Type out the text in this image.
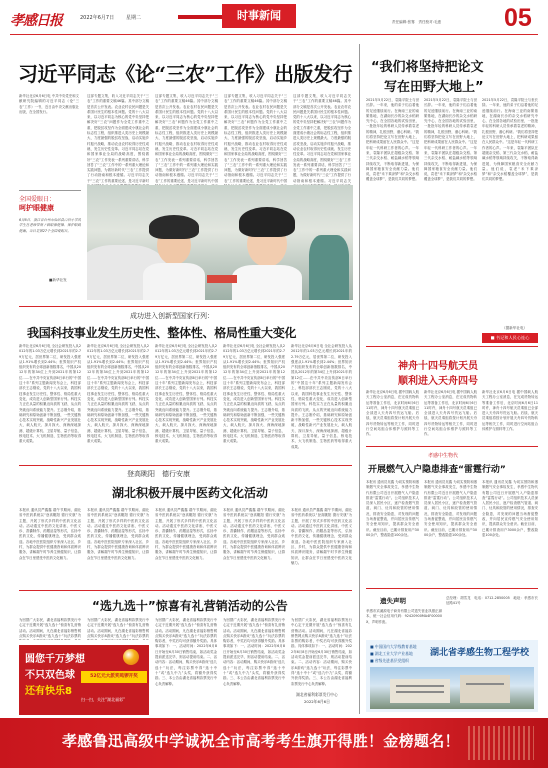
孝感日报	2022年6月7日 星期二	时事新闻	责任编辑:张骞　责任校对:毛惠	05
习近平同志《论“三农”工作》出版发行
新华社北京6月6日电 中共中央党史和文献研究院编辑的习近平同志《论“三农”工作》一书，近日由中央文献出版社出版，在全国发行。
这部专题文集，收入习近平同志关于“三农”工作的重要文稿46篇。其中部分文稿是首次公开发表。农业农村农民问题是关系国计民生的根本性问题。党的十八大以来，以习近平同志为核心的党中央坚持把解决好“三农”问题作为全党工作重中之重，把脱贫攻坚作为全面建成小康社会的标志性工程，组织推进人类历史上规模最大、力度最强的脱贫攻坚战，启动实施乡村振兴战略，推动农业农村取得历史性成就、发生历史性变革。习近平同志站在党和国家事业全局的战略高度，围绕做好“三农”工作发表一系列重要讲话，科学回答了“三农”工作中的一系列重大理论和实践问题，为做好新时代“三农”工作提供了行动指南和根本遵循。习近平同志关于“三农”工作的重要论述，是习近平新时
这部专题文集，收入习近平同志关于“三农”工作的重要文稿46篇。其中部分文稿是首次公开发表。农业农村农民问题是关系国计民生的根本性问题。党的十八大以来，以习近平同志为核心的党中央坚持把解决好“三农”问题作为全党工作重中之重，把脱贫攻坚作为全面建成小康社会的标志性工程，组织推进人类历史上规模最大、力度最强的脱贫攻坚战，启动实施乡村振兴战略，推动农业农村取得历史性成就、发生历史性变革。习近平同志站在党和国家事业全局的战略高度，围绕做好“三农”工作发表一系列重要讲话，科学回答了“三农”工作中的一系列重大理论和实践问题，为做好新时代“三农”工作提供了行动指南和根本遵循。习近平同志关于“三农”工作的重要论述，是习近平新时代中国
这部专题文集，收入习近平同志关于“三农”工作的重要文稿46篇。其中部分文稿是首次公开发表。农业农村农民问题是关系国计民生的根本性问题。党的十八大以来，以习近平同志为核心的党中央坚持把解决好“三农”问题作为全党工作重中之重，把脱贫攻坚作为全面建成小康社会的标志性工程，组织推进人类历史上规模最大、力度最强的脱贫攻坚战，启动实施乡村振兴战略，推动农业农村取得历史性成就、发生历史性变革。习近平同志站在党和国家事业全局的战略高度，围绕做好“三农”工作发表一系列重要讲话，科学回答了“三农”工作中的一系列重大理论和实践问题，为做好新时代“三农”工作提供了行动指南和根本遵循。习近平同志关于“三农”工作的重要论述，是习近平新时代中国
这部专题文集，收入习近平同志关于“三农”工作的重要文稿46篇。其中部分文稿是首次公开发表。农业农村农民问题是关系国计民生的根本性问题。党的十八大以来，以习近平同志为核心的党中央坚持把解决好“三农”问题作为全党工作重中之重，把脱贫攻坚作为全面建成小康社会的标志性工程，组织推进人类历史上规模最大、力度最强的脱贫攻坚战，启动实施乡村振兴战略，推动农业农村取得历史性成就、发生历史性变革。习近平同志站在党和国家事业全局的战略高度，围绕做好“三农”工作发表一系列重要讲话，科学回答了“三农”工作中的一系列重大理论和实践问题，为做好新时代“三农”工作提供了行动指南和根本遵循。习近平同志关
全国爱眼日：
呵护眼健康
6月6日，浙江省台州市仙居县白塔小学的学生在老师带领下做眼保健操，保护眼睛健康。当日是第27个全国爱眼日。
■新华社发
成功进入创新型国家行列：
我国科技事业发生历史性、整体性、格局性重大变化
新华社北京6月6日电 全社会研发投入从2012年的1.03万亿元增长到2021年的2.79万亿元，居世界第二位，研发投入强度从1.91%增长到2.44%；世界知识产权组织发布的全球创新指数排名，中国从2012年的第34位上升到2021年的第12位……在中共中央宣传部6日举行的“中国这十年”系列主题新闻发布会上，科技部部长王志刚说，党的十八大以来，我国科技事业发生历史性、整体性、格局性重大变化，成功进入创新型国家行列。科技实力正在从量的积累迈向质的飞跃、从点的突破迈向系统能力提升。王志刚介绍，基础研究和原始创新不断加强，一些关键核心技术实现突破，战略性新兴产业发展壮大，载人航天、探月探火、深海深地探测、超级计算机、卫星导航、量子信息、核电技术、大飞机制造、生物医药等取得重大成果。
新华社北京6月6日电 全社会研发投入从2012年的1.03万亿元增长到2021年的2.79万亿元，居世界第二位，研发投入强度从1.91%增长到2.44%；世界知识产权组织发布的全球创新指数排名，中国从2012年的第34位上升到2021年的第12位……在中共中央宣传部6日举行的“中国这十年”系列主题新闻发布会上，科技部部长王志刚说，党的十八大以来，我国科技事业发生历史性、整体性、格局性重大变化，成功进入创新型国家行列。科技实力正在从量的积累迈向质的飞跃、从点的突破迈向系统能力提升。王志刚介绍，基础研究和原始创新不断加强，一些关键核心技术实现突破，战略性新兴产业发展壮大，载人航天、探月探火、深海深地探测、超级计算机、卫星导航、量子信息、核电技术、大飞机制造、生物医药等取得重大成果。
新华社北京6月6日电 全社会研发投入从2012年的1.03万亿元增长到2021年的2.79万亿元，居世界第二位，研发投入强度从1.91%增长到2.44%；世界知识产权组织发布的全球创新指数排名，中国从2012年的第34位上升到2021年的第12位……在中共中央宣传部6日举行的“中国这十年”系列主题新闻发布会上，科技部部长王志刚说，党的十八大以来，我国科技事业发生历史性、整体性、格局性重大变化，成功进入创新型国家行列。科技实力正在从量的积累迈向质的飞跃、从点的突破迈向系统能力提升。王志刚介绍，基础研究和原始创新不断加强，一些关键核心技术实现突破，战略性新兴产业发展壮大，载人航天、探月探火、深海深地探测、超级计算机、卫星导航、量子信息、核电技术、大飞机制造、生物医药等取得重大成果。
新华社北京6月6日电 全社会研发投入从2012年的1.03万亿元增长到2021年的2.79万亿元，居世界第二位，研发投入强度从1.91%增长到2.44%；世界知识产权组织发布的全球创新指数排名，中国从2012年的第34位上升到2021年的第12位……在中共中央宣传部6日举行的“中国这十年”系列主题新闻发布会上，科技部部长王志刚说，党的十八大以来，我国科技事业发生历史性、整体性、格局性重大变化，成功进入创新型国家行列。科技实力正在从量的积累迈向质的飞跃、从点的突破迈向系统能力提升。王志刚介绍，基础研究和原始创新不断加强，一些关键核心技术实现突破，战略性新兴产业发展壮大，载人航天、探月探火、深海深地探测、超级计算机、卫星导航、量子信息、核电技术、大飞机制造、生物医药等取得重大成果。
新华社北京6月6日电 全社会研发投入从2012年的1.03万亿元增长到2021年的2.79万亿元，居世界第二位，研发投入强度从1.91%增长到2.44%；世界知识产权组织发布的全球创新指数排名，中国从2012年的第34位上升到2021年的第12位……在中共中央宣传部6日举行的“中国这十年”系列主题新闻发布会上，科技部部长王志刚说，党的十八大以来，我国科技事业发生历史性、整体性、格局性重大变化，成功进入创新型国家行列。科技实力正在从量的积累迈向质的飞跃、从点的突破迈向系统能力提升。王志刚介绍，基础研究和原始创新不断加强，一些关键核心技术实现突破，战略性新兴产业发展壮大，载人航天、探月探火、深海深地探测、超级计算机、卫星导航、量子信息、核电技术、大飞机制造、生物医药等取得重大成果。
登高眺阳　德行安康
湖北积极开展中医药文化活动
本报讯 通讯员严鑫鑫 端午节期间，湖北省中医药系统以“登高眺阳 德行安康”为主题，开展了形式多样的中医药文化活动。活动通过中医药文化讲座、中医义诊、香囊制作、药膳品鉴等形式，弘扬中医药文化，传播健康理念，受到群众欢迎。各地中医医院组织专家深入社区、乡村，为群众提供中医健康咨询和体质辨识服务，讲解端午时节养生保健知识，让群众在节日里感受中医药文化魅力。
本报讯 通讯员严鑫鑫 端午节期间，湖北省中医药系统以“登高眺阳 德行安康”为主题，开展了形式多样的中医药文化活动。活动通过中医药文化讲座、中医义诊、香囊制作、药膳品鉴等形式，弘扬中医药文化，传播健康理念，受到群众欢迎。各地中医医院组织专家深入社区、乡村，为群众提供中医健康咨询和体质辨识服务，讲解端午时节养生保健知识，让群众在节日里感受中医药文化魅力。
本报讯 通讯员严鑫鑫 端午节期间，湖北省中医药系统以“登高眺阳 德行安康”为主题，开展了形式多样的中医药文化活动。活动通过中医药文化讲座、中医义诊、香囊制作、药膳品鉴等形式，弘扬中医药文化，传播健康理念，受到群众欢迎。各地中医医院组织专家深入社区、乡村，为群众提供中医健康咨询和体质辨识服务，讲解端午时节养生保健知识，让群众在节日里感受中医药文化魅力。
本报讯 通讯员严鑫鑫 端午节期间，湖北省中医药系统以“登高眺阳 德行安康”为主题，开展了形式多样的中医药文化活动。活动通过中医药文化讲座、中医义诊、香囊制作、药膳品鉴等形式，弘扬中医药文化，传播健康理念，受到群众欢迎。各地中医医院组织专家深入社区、乡村，为群众提供中医健康咨询和体质辨识服务，讲解端午时节养生保健知识，让群众在节日里感受中医药文化魅力。
本报讯 通讯员严鑫鑫 端午节期间，湖北省中医药系统以“登高眺阳 德行安康”为主题，开展了形式多样的中医药文化活动。活动通过中医药文化讲座、中医义诊、香囊制作、药膳品鉴等形式，弘扬中医药文化，传播健康理念，受到群众欢迎。各地中医医院组织专家深入社区、乡村，为群众提供中医健康咨询和体质辨识服务，讲解端午时节养生保健知识，让群众在节日里感受中医药文化魅力。
“选九选十”惊喜有礼营销活动的公告
为回馈广大彩民，湖北省福利彩票发行中心定于近期开展“选九选十”惊喜有礼营销活动。活动期间，凡在湖北省福彩销售网点购买快乐8游戏“选九选十”玩法彩票的
为回馈广大彩民，湖北省福利彩票发行中心定于近期开展“选九选十”惊喜有礼营销活动。活动期间，凡在湖北省福彩销售网点购买快乐8游戏“选九选十”玩法彩票的
为回馈广大彩民，湖北省福利彩票发行中心定于近期开展“选九选十”惊喜有礼营销活动。活动期间，凡在湖北省福彩销售网点购买快乐8游戏“选九选十”玩法彩票的购彩者，中奖后均可获得额外奖励。具体事项如下：一、活动时间：2022年6月8日开始至6月30日销售结束，如活动奖金提前派送完毕，则活动提前结束。二、活动内容：活动期间，购买快乐8游戏“选九选十”玩法，每注彩票中得“选十中十”或“选九中九”头奖，将额外获得奖励。三、本公告由湖北省福利彩票发行中心负责解释。
为回馈广大彩民，湖北省福利彩票发行中心定于近期开展“选九选十”惊喜有礼营销活动。活动期间，凡在湖北省福彩销售网点购买快乐8游戏“选九选十”玩法彩票的购彩者，中奖后均可获得额外奖励。具体事项如下：一、活动时间：2022年6月8日开始至6月30日销售结束，如活动奖金提前派送完毕，则活动提前结束。二、活动内容：活动期间，购买快乐8游戏“选九选十”玩法，每注彩票中得“选十中十”或“选九中九”头奖，将额外获得奖励。三、本公告由湖北省福利彩票发行中心负责解释。
为回馈广大彩民，湖北省福利彩票发行中心定于近期开展“选九选十”惊喜有礼营销活动。活动期间，凡在湖北省福彩销售网点购买快乐8游戏“选九选十”玩法彩票的购彩者，中奖后均可获得额外奖励。具体事项如下：一、活动时间：2022年6月8日开始至6月30日销售结束，如活动奖金提前派送完毕，则活动提前结束。二、活动内容：活动期间，购买快乐8游戏“选九选十”玩法，每注彩票中得“选十中十”或“选九中九”头奖，将额外获得奖励。三、本公告由湖北省福利彩票发行中心负责解释。
湖北省福利彩票发行中心
2022年6月6日
圆您千万梦想
不只双色球
还有快乐8
52亿元大派奖鸣锣开奖
扫一扫，关注“湖北福彩”
“我们将坚持把论文
写在田野大地上”
2021年5月22日，袁隆平院士与世长辞。一年来，他的弟子们沿着他的足迹继续前行。在海南三亚的南繁基地，在湖南长沙的杂交水稻研究中心，在全国各地的试验田里，一批批年轻的科研人员传承着袁老的精神，扎根田野，潜心科研。“我们将坚持把论文写在田野大地上，把科研成果留在人民群众中。”这是年轻一代科研工作者的心声。一年来，袁隆平团队在超级杂交稻、第三代杂交水稻、耐盐碱水稻等领域持续攻关，不断取得新进展，为保障国家粮食安全贡献力量。他们说，袁老“禾下乘凉梦”和“杂交水稻覆盖全球梦”，是我们共同的梦想。
2021年5月22日，袁隆平院士与世长辞。一年来，他的弟子们沿着他的足迹继续前行。在海南三亚的南繁基地，在湖南长沙的杂交水稻研究中心，在全国各地的试验田里，一批批年轻的科研人员传承着袁老的精神，扎根田野，潜心科研。“我们将坚持把论文写在田野大地上，把科研成果留在人民群众中。”这是年轻一代科研工作者的心声。一年来，袁隆平团队在超级杂交稻、第三代杂交水稻、耐盐碱水稻等领域持续攻关，不断取得新进展，为保障国家粮食安全贡献力量。他们说，袁老“禾下乘凉梦”和“杂交水稻覆盖全球梦”，是我们共同的梦想。
2021年5月22日，袁隆平院士与世长辞。一年来，他的弟子们沿着他的足迹继续前行。在海南三亚的南繁基地，在湖南长沙的杂交水稻研究中心，在全国各地的试验田里，一批批年轻的科研人员传承着袁老的精神，扎根田野，潜心科研。“我们将坚持把论文写在田野大地上，把科研成果留在人民群众中。”这是年轻一代科研工作者的心声。一年来，袁隆平团队在超级杂交稻、第三代杂交水稻、耐盐碱水稻等领域持续攻关，不断取得新进展，为保障国家粮食安全贡献力量。他们说，袁老“禾下乘凉梦”和“杂交水稻覆盖全球梦”，是我们共同的梦想。
（据新华社电）
■ 书记和人民心连心
神舟十四号航天员
顺利进入天舟四号
新华社北京6月6日电 据中国载人航天工程办公室消息，在完成货物转运等准备工作后，北京时间6月6日11时许，神舟十四号航天员乘组已全部进入天舟四号货运飞船。后续，航天员乘组将按计划开展天舟四号货物转运等相关工作，同时进行空间站组合体维护与照料等工作。
新华社北京6月6日电 据中国载人航天工程办公室消息，在完成货物转运等准备工作后，北京时间6月6日11时许，神舟十四号航天员乘组已全部进入天舟四号货运飞船。后续，航天员乘组将按计划开展天舟四号货物转运等相关工作，同时进行空间站组合体维护与照料等工作。
新华社北京6月6日电 据中国载人航天工程办公室消息，在完成货物转运等准备工作后，北京时间6月6日11时许，神舟十四号航天员乘组已全部进入天舟四号货运飞船。后续，航天员乘组将按计划开展天舟四号货物转运等相关工作，同时进行空间站组合体维护与照料等工作。
孝感中生物代
开展燃气入户隐患排查“雷霆行动”
本报讯 通讯员吴鑫 为切实预防和遏制燃气安全事故发生，孝感中生物代有限公司近日开展燃气入户隐患排查“雷霆行动”。公司组织技术人员深入居民小区，逐户检查燃气管道、阀门、灶具和胶管的使用情况，排查安全隐患，对发现的问题当场督促整改，并向居民宣传燃气安全使用知识，提高群众安全意识。截至目前，已累计排查用户3000余户，整改隐患100余处。
本报讯 通讯员吴鑫 为切实预防和遏制燃气安全事故发生，孝感中生物代有限公司近日开展燃气入户隐患排查“雷霆行动”。公司组织技术人员深入居民小区，逐户检查燃气管道、阀门、灶具和胶管的使用情况，排查安全隐患，对发现的问题当场督促整改，并向居民宣传燃气安全使用知识，提高群众安全意识。截至目前，已累计排查用户3000余户，整改隐患100余处。
本报讯 通讯员吴鑫 为切实预防和遏制燃气安全事故发生，孝感中生物代有限公司近日开展燃气入户隐患排查“雷霆行动”。公司组织技术人员深入居民小区，逐户检查燃气管道、阀门、灶具和胶管的使用情况，排查安全隐患，对发现的问题当场督促整改，并向居民宣传燃气安全使用知识，提高群众安全意识。截至目前，已累计排查用户3000余户，整改隐患100余处。
遗失声明
孝感市宾溪源电子商务有限公司遗失营业执照正副本，统一社会信用代码：92420900MA4F00000X，声明作废。
总经理：胡雪龙　电话：0712-2850005　地址：孝感市长征路41号
■ 中国国内大学线教育基地
■ 湖北工业大学产业基地
■ 省级先进基层党组织
湖北省孝感生物工程学校
孝感鲁迅高级中学诚祝全市高考考生旗开得胜！金榜题名！
